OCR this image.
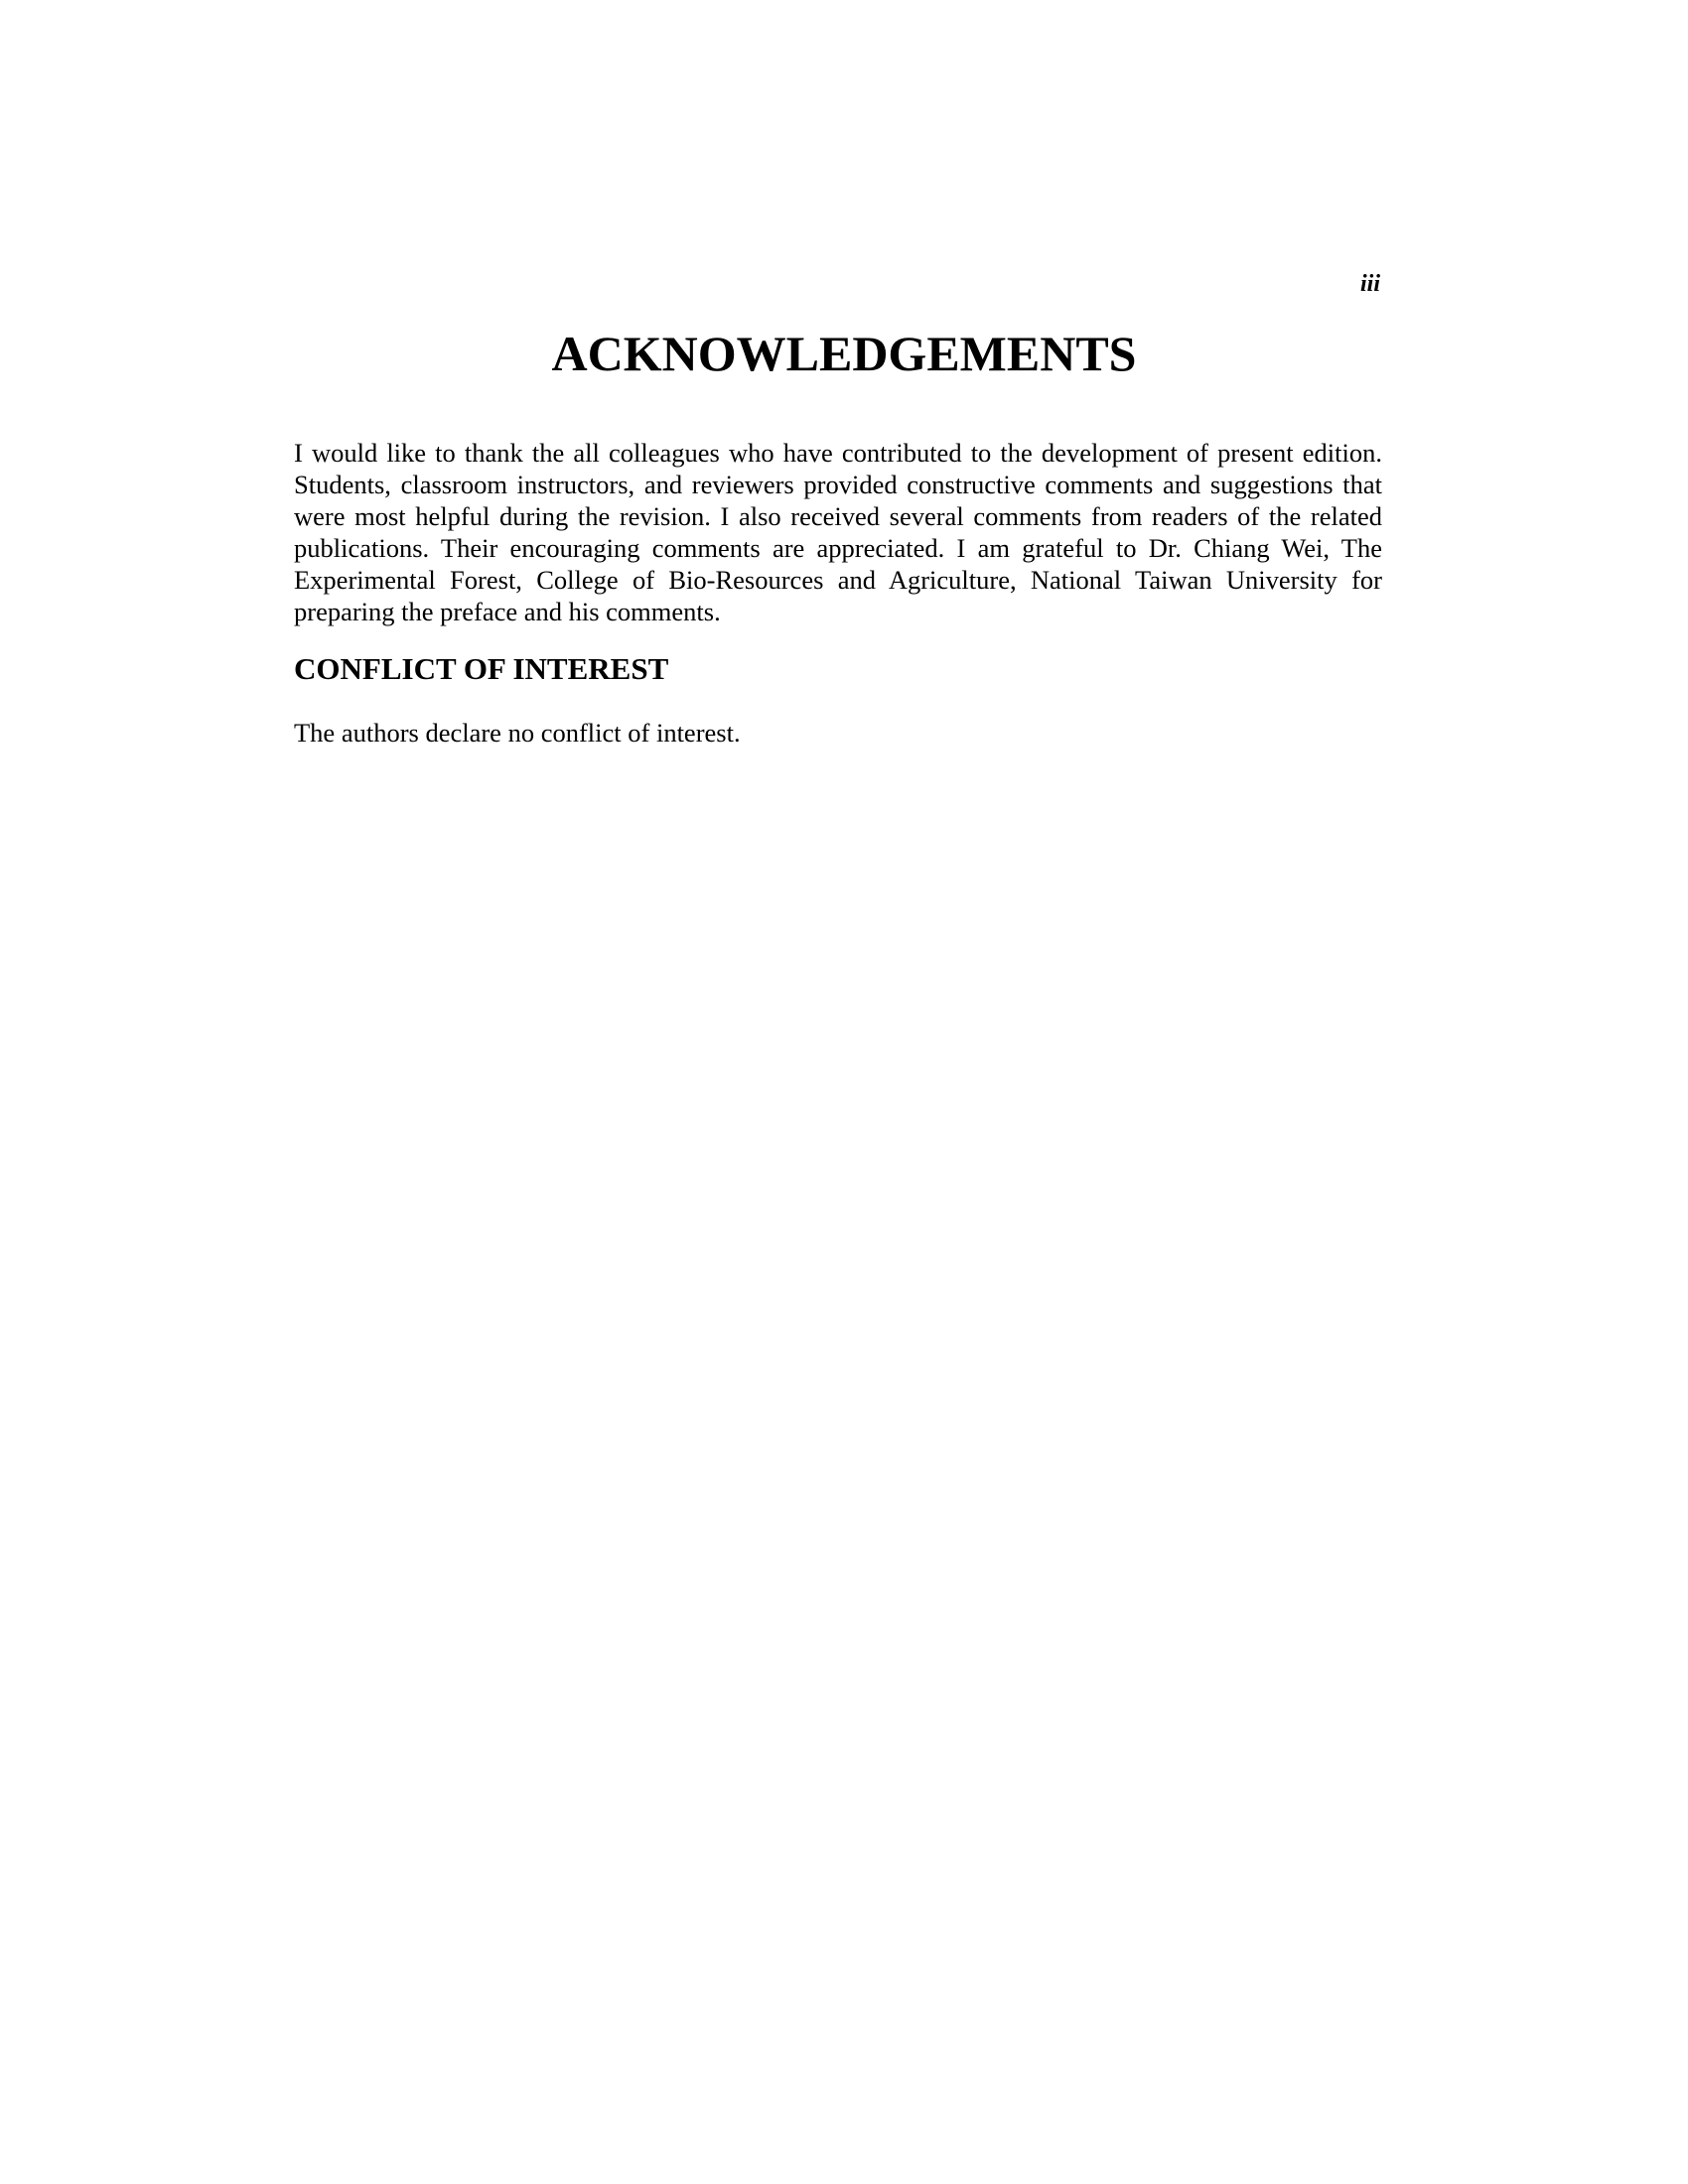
iii
ACKNOWLEDGEMENTS

I would like to thank the all colleagues who have contributed to the development of present edition. Students, classroom instructors, and reviewers provided constructive comments and suggestions that were most helpful during the revision. I also received several comments from readers of the related publications. Their encouraging comments are appreciated. I am grateful to Dr. Chiang Wei, The Experimental Forest, College of Bio-Resources and Agriculture, National Taiwan University for preparing the preface and his comments.

CONFLICT OF INTEREST

The authors declare no conflict of interest.
